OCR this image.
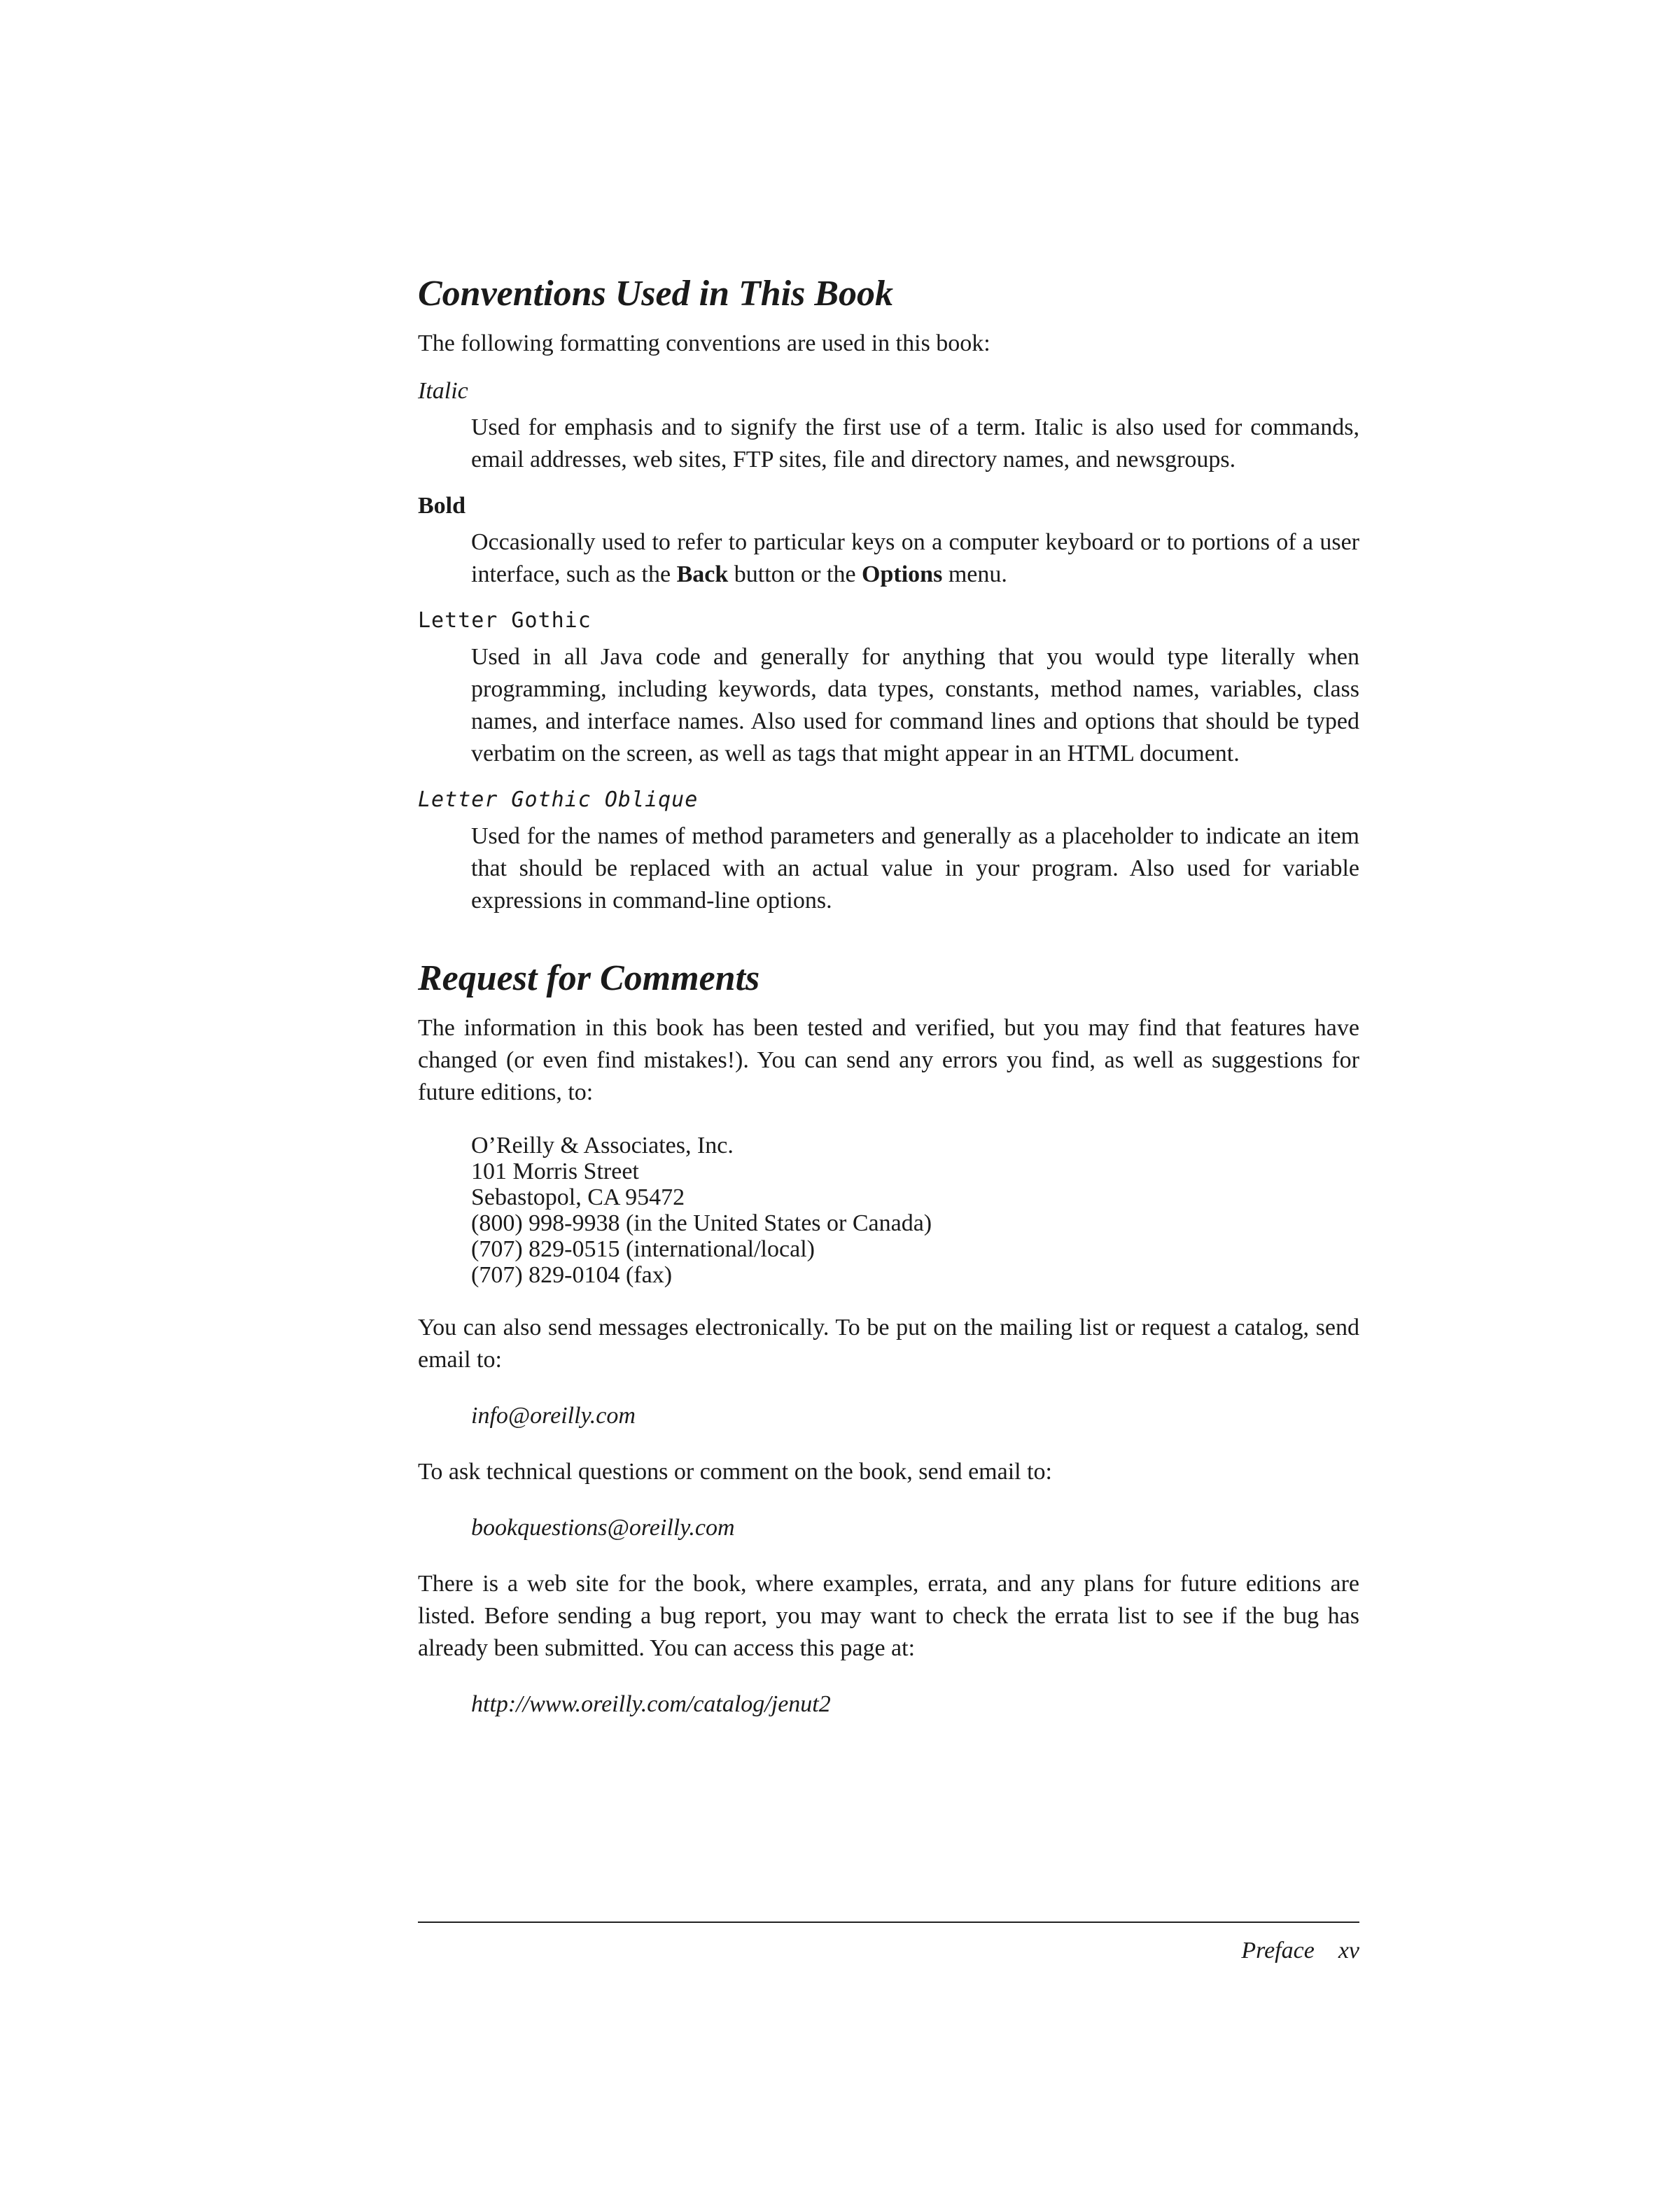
Conventions Used in This Book

The following formatting conventions are used in this book:

Italic

Used for emphasis and to signify the first use of a term. Italic is also used for commands, email addresses, web sites, FTP sites, file and directory names, and newsgroups.

Bold

Occasionally used to refer to particular keys on a computer keyboard or to portions of a user interface, such as the Back button or the Options menu.

Letter Gothic

Used in all Java code and generally for anything that you would type literally when programming, including keywords, data types, constants, method names, variables, class names, and interface names. Also used for command lines and options that should be typed verbatim on the screen, as well as tags that might appear in an HTML document.

Letter Gothic Oblique

Used for the names of method parameters and generally as a placeholder to indicate an item that should be replaced with an actual value in your program. Also used for variable expressions in command-line options.

Request for Comments

The information in this book has been tested and verified, but you may find that features have changed (or even find mistakes!). You can send any errors you find, as well as suggestions for future editions, to:

O’Reilly & Associates, Inc.
101 Morris Street
Sebastopol, CA 95472
(800) 998-9938 (in the United States or Canada)
(707) 829-0515 (international/local)
(707) 829-0104 (fax)

You can also send messages electronically. To be put on the mailing list or request a catalog, send email to:

info@oreilly.com

To ask technical questions or comment on the book, send email to:

bookquestions@oreilly.com

There is a web site for the book, where examples, errata, and any plans for future editions are listed. Before sending a bug report, you may want to check the errata list to see if the bug has already been submitted. You can access this page at:

http://www.oreilly.com/catalog/jenut2
Preface xv
